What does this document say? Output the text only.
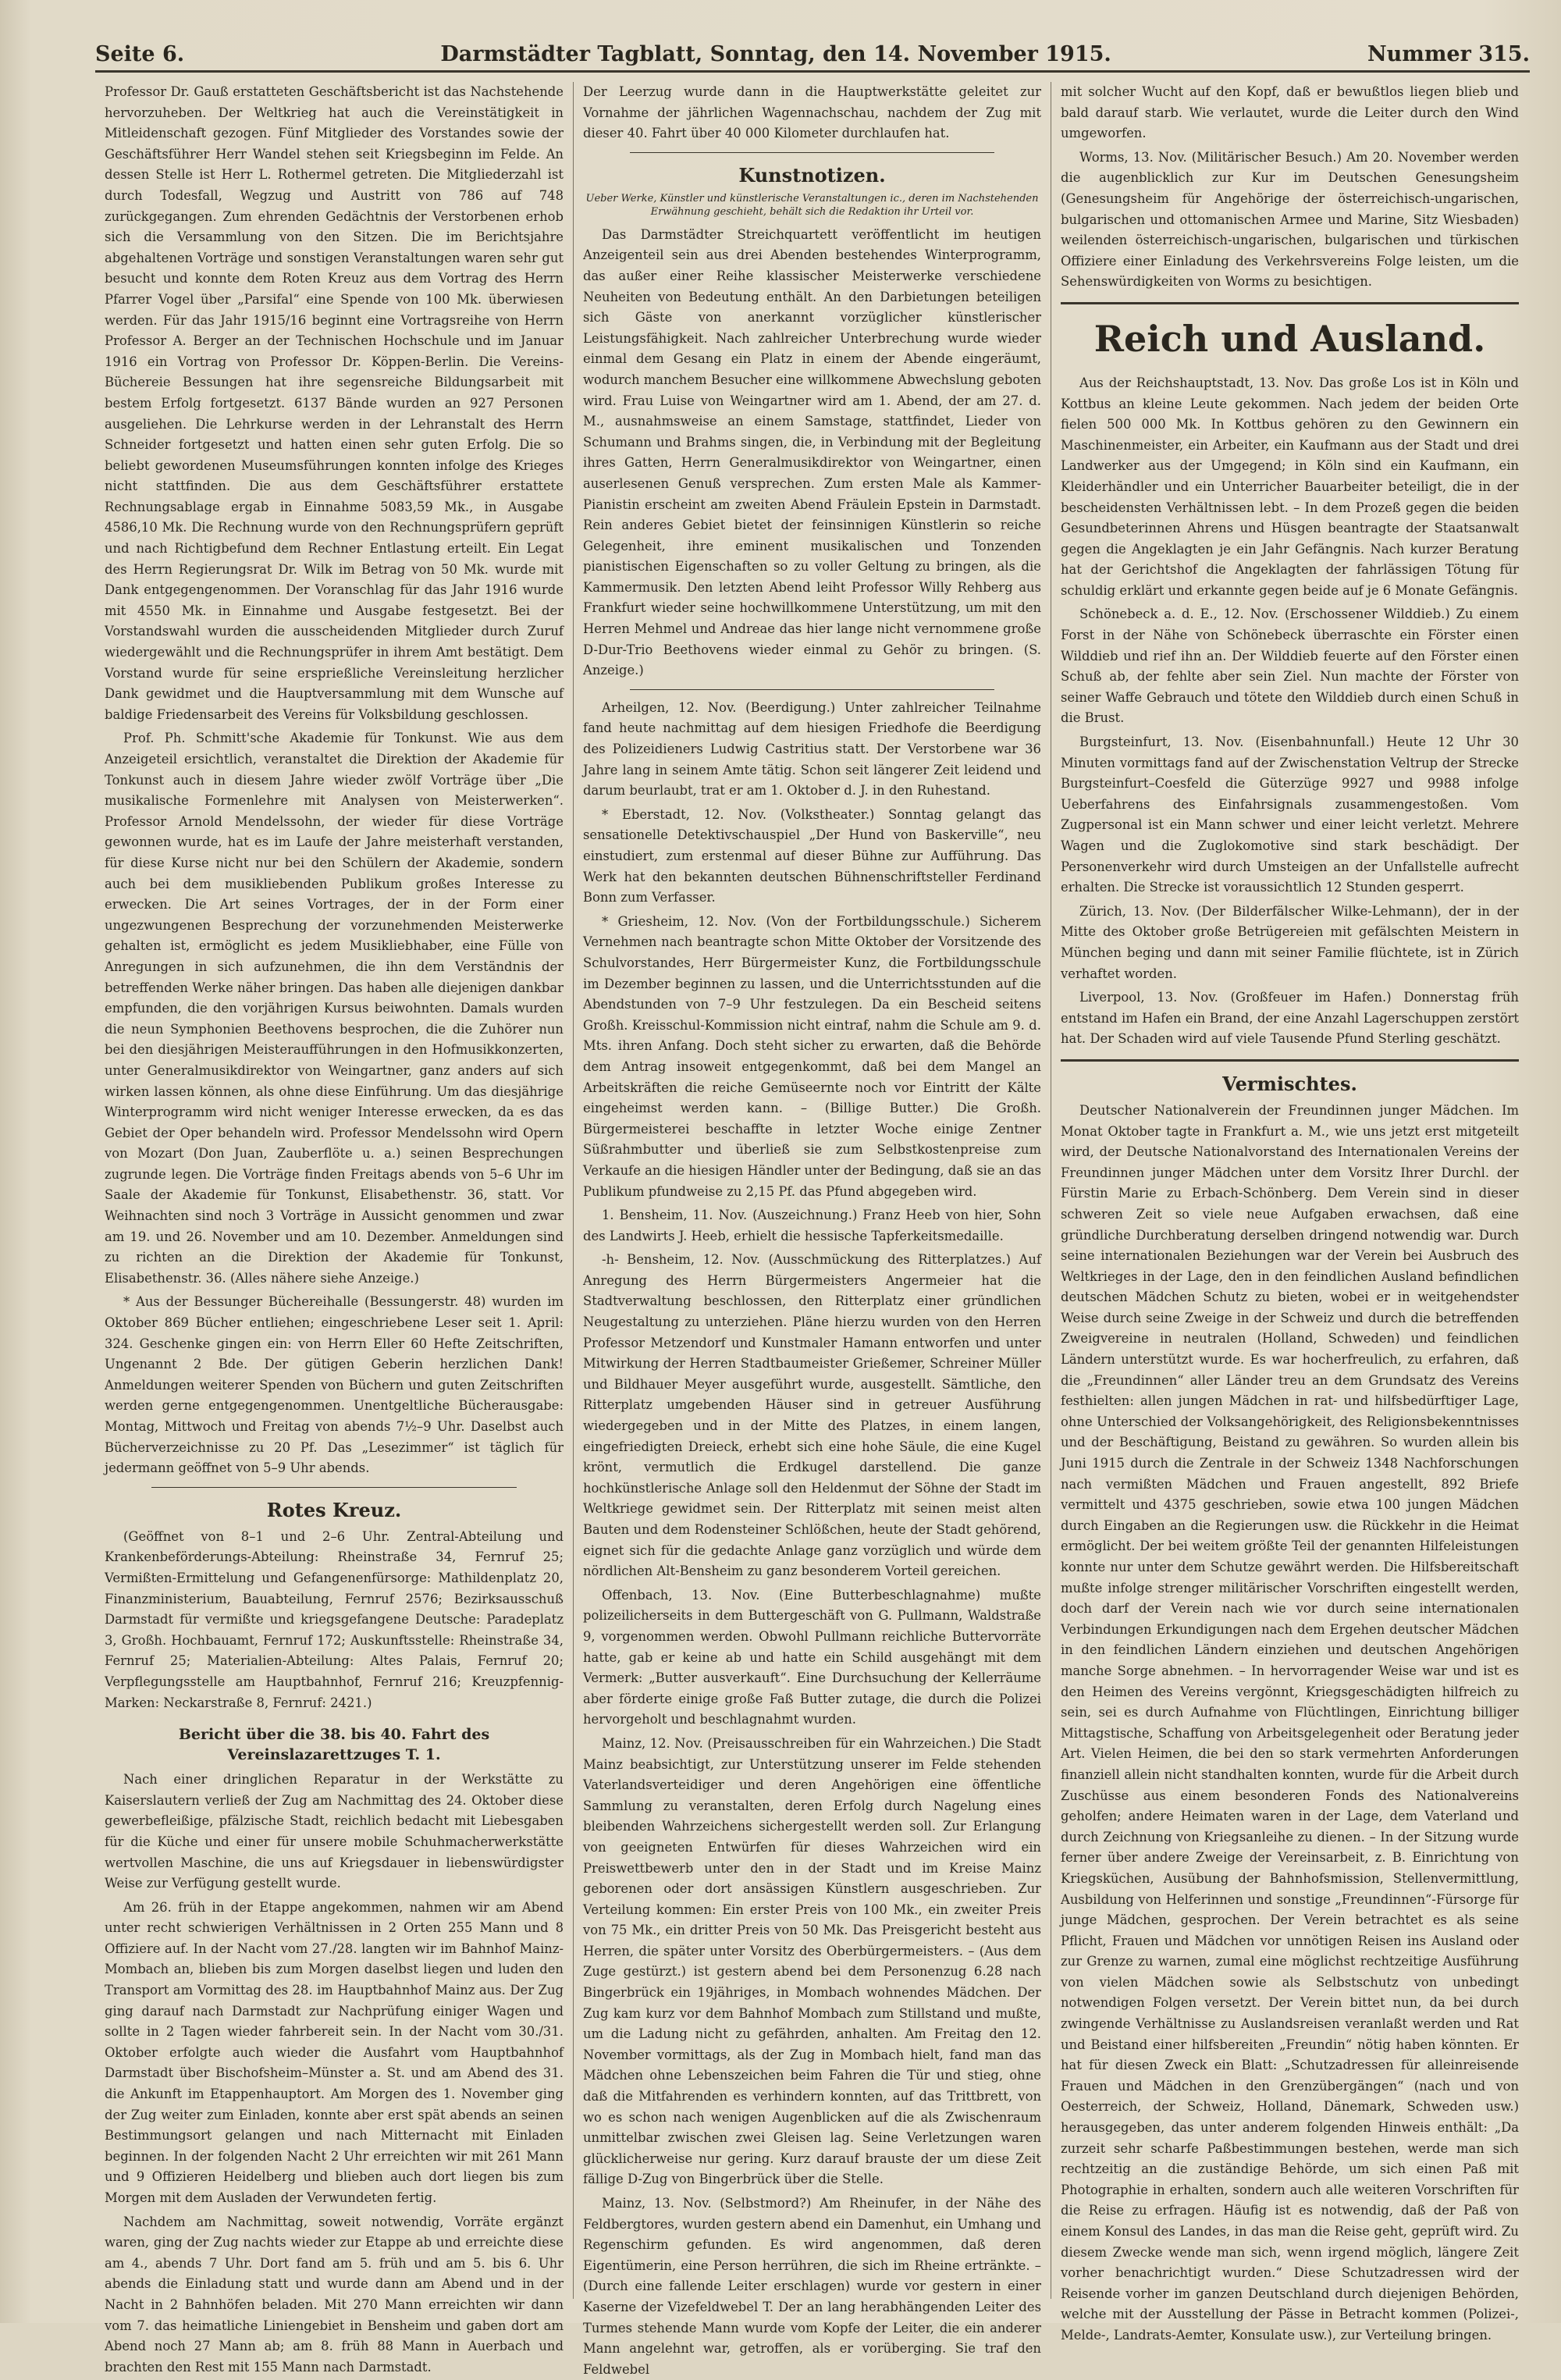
Seite 6.	Darmstädter Tagblatt, Sonntag, den 14. November 1915.	Nummer 315.

Professor Dr. Gauß erstatteten Geschäftsbericht ist das Nachstehende hervorzuheben. Der Weltkrieg hat auch die Vereinstätigkeit in Mitleidenschaft gezogen. Fünf Mitglieder des Vorstandes sowie der Geschäftsführer Herr Wandel stehen seit Kriegsbeginn im Felde. An dessen Stelle ist Herr L. Rothermel getreten. Die Mitgliederzahl ist durch Todesfall, Wegzug und Austritt von 786 auf 748 zurückgegangen. Zum ehrenden Gedächtnis der Verstorbenen erhob sich die Versammlung von den Sitzen. Die im Berichtsjahre abgehaltenen Vorträge und sonstigen Veranstaltungen waren sehr gut besucht und konnte dem Roten Kreuz aus dem Vortrag des Herrn Pfarrer Vogel über „Parsifal“ eine Spende von 100 Mk. überwiesen werden. Für das Jahr 1915/16 beginnt eine Vortragsreihe von Herrn Professor A. Berger an der Technischen Hochschule und im Januar 1916 ein Vortrag von Professor Dr. Köppen-Berlin. Die Vereins-Büchereie Bessungen hat ihre segensreiche Bildungsarbeit mit bestem Erfolg fortgesetzt. 6137 Bände wurden an 927 Personen ausgeliehen. Die Lehrkurse werden in der Lehranstalt des Herrn Schneider fortgesetzt und hatten einen sehr guten Erfolg. Die so beliebt gewordenen Museumsführungen konnten infolge des Krieges nicht stattfinden. Die aus dem Geschäftsführer erstattete Rechnungsablage ergab in Einnahme 5083,59 Mk., in Ausgabe 4586,10 Mk. Die Rechnung wurde von den Rechnungsprüfern geprüft und nach Richtigbefund dem Rechner Entlastung erteilt. Ein Legat des Herrn Regierungsrat Dr. Wilk im Betrag von 50 Mk. wurde mit Dank entgegengenommen. Der Voranschlag für das Jahr 1916 wurde mit 4550 Mk. in Einnahme und Ausgabe festgesetzt. Bei der Vorstandswahl wurden die ausscheidenden Mitglieder durch Zuruf wiedergewählt und die Rechnungsprüfer in ihrem Amt bestätigt. Dem Vorstand wurde für seine ersprießliche Vereinsleitung herzlicher Dank gewidmet und die Hauptversammlung mit dem Wunsche auf baldige Friedensarbeit des Vereins für Volksbildung geschlossen.

Prof. Ph. Schmitt'sche Akademie für Tonkunst. Wie aus dem Anzeigeteil ersichtlich, veranstaltet die Direktion der Akademie für Tonkunst auch in diesem Jahre wieder zwölf Vorträge über „Die musikalische Formenlehre mit Analysen von Meisterwerken“. Professor Arnold Mendelssohn, der wieder für diese Vorträge gewonnen wurde, hat es im Laufe der Jahre meisterhaft verstanden, für diese Kurse nicht nur bei den Schülern der Akademie, sondern auch bei dem musikliebenden Publikum großes Interesse zu erwecken. Die Art seines Vortrages, der in der Form einer ungezwungenen Besprechung der vorzunehmenden Meisterwerke gehalten ist, ermöglicht es jedem Musikliebhaber, eine Fülle von Anregungen in sich aufzunehmen, die ihn dem Verständnis der betreffenden Werke näher bringen. Das haben alle diejenigen dankbar empfunden, die den vorjährigen Kursus beiwohnten. Damals wurden die neun Symphonien Beethovens besprochen, die die Zuhörer nun bei den diesjährigen Meisteraufführungen in den Hofmusikkonzerten, unter Generalmusikdirektor von Weingartner, ganz anders auf sich wirken lassen können, als ohne diese Einführung. Um das diesjährige Winterprogramm wird nicht weniger Interesse erwecken, da es das Gebiet der Oper behandeln wird. Professor Mendelssohn wird Opern von Mozart (Don Juan, Zauberflöte u. a.) seinen Besprechungen zugrunde legen. Die Vorträge finden Freitags abends von 5–6 Uhr im Saale der Akademie für Tonkunst, Elisabethenstr. 36, statt. Vor Weihnachten sind noch 3 Vorträge in Aussicht genommen und zwar am 19. und 26. November und am 10. Dezember. Anmeldungen sind zu richten an die Direktion der Akademie für Tonkunst, Elisabethenstr. 36. (Alles nähere siehe Anzeige.)

* Aus der Bessunger Büchereihalle (Bessungerstr. 48) wurden im Oktober 869 Bücher entliehen; eingeschriebene Leser seit 1. April: 324. Geschenke gingen ein: von Herrn Eller 60 Hefte Zeitschriften, Ungenannt 2 Bde. Der gütigen Geberin herzlichen Dank! Anmeldungen weiterer Spenden von Büchern und guten Zeitschriften werden gerne entgegengenommen. Unentgeltliche Bücherausgabe: Montag, Mittwoch und Freitag von abends 7½–9 Uhr. Daselbst auch Bücherverzeichnisse zu 20 Pf. Das „Lesezimmer“ ist täglich für jedermann geöffnet von 5–9 Uhr abends.

Rotes Kreuz.

(Geöffnet von 8–1 und 2–6 Uhr. Zentral-Abteilung und Krankenbeförderungs-Abteilung: Rheinstraße 34, Fernruf 25; Vermißten-Ermittelung und Gefangenenfürsorge: Mathildenplatz 20, Finanzministerium, Bauabteilung, Fernruf 2576; Bezirksausschuß Darmstadt für vermißte und kriegsgefangene Deutsche: Paradeplatz 3, Großh. Hochbauamt, Fernruf 172; Auskunftsstelle: Rheinstraße 34, Fernruf 25; Materialien-Abteilung: Altes Palais, Fernruf 20; Verpflegungsstelle am Hauptbahnhof, Fernruf 216; Kreuzpfennig-Marken: Neckarstraße 8, Fernruf: 2421.)

Bericht über die 38. bis 40. Fahrt des Vereinslazarettzuges T. 1.

Nach einer dringlichen Reparatur in der Werkstätte zu Kaiserslautern verließ der Zug am Nachmittag des 24. Oktober diese gewerbefleißige, pfälzische Stadt, reichlich bedacht mit Liebesgaben für die Küche und einer für unsere mobile Schuhmacherwerkstätte wertvollen Maschine, die uns auf Kriegsdauer in liebenswürdigster Weise zur Verfügung gestellt wurde.

Am 26. früh in der Etappe angekommen, nahmen wir am Abend unter recht schwierigen Verhältnissen in 2 Orten 255 Mann und 8 Offiziere auf. In der Nacht vom 27./28. langten wir im Bahnhof Mainz-Mombach an, blieben bis zum Morgen daselbst liegen und luden den Transport am Vormittag des 28. im Hauptbahnhof Mainz aus. Der Zug ging darauf nach Darmstadt zur Nachprüfung einiger Wagen und sollte in 2 Tagen wieder fahrbereit sein. In der Nacht vom 30./31. Oktober erfolgte auch wieder die Ausfahrt vom Hauptbahnhof Darmstadt über Bischofsheim–Münster a. St. und am Abend des 31. die Ankunft im Etappenhauptort. Am Morgen des 1. November ging der Zug weiter zum Einladen, konnte aber erst spät abends an seinen Bestimmungsort gelangen und nach Mitternacht mit Einladen beginnen. In der folgenden Nacht 2 Uhr erreichten wir mit 261 Mann und 9 Offizieren Heidelberg und blieben auch dort liegen bis zum Morgen mit dem Ausladen der Verwundeten fertig.

Nachdem am Nachmittag, soweit notwendig, Vorräte ergänzt waren, ging der Zug nachts wieder zur Etappe ab und erreichte diese am 4., abends 7 Uhr. Dort fand am 5. früh und am 5. bis 6. Uhr abends die Einladung statt und wurde dann am Abend und in der Nacht in 2 Bahnhöfen beladen. Mit 270 Mann erreichten wir dann vom 7. das heimatliche Liniengebiet in Bensheim und gaben dort am Abend noch 27 Mann ab; am 8. früh 88 Mann in Auerbach und brachten den Rest mit 155 Mann nach Darmstadt.

Der Leerzug wurde dann in die Hauptwerkstätte geleitet zur Vornahme der jährlichen Wagennachschau, nachdem der Zug mit dieser 40. Fahrt über 40 000 Kilometer durchlaufen hat.

Kunstnotizen.

Ueber Werke, Künstler und künstlerische Veranstaltungen ic., deren im Nachstehenden Erwähnung geschieht, behält sich die Redaktion ihr Urteil vor.

Das Darmstädter Streichquartett veröffentlicht im heutigen Anzeigenteil sein aus drei Abenden bestehendes Winterprogramm, das außer einer Reihe klassischer Meisterwerke verschiedene Neuheiten von Bedeutung enthält. An den Darbietungen beteiligen sich Gäste von anerkannt vorzüglicher künstlerischer Leistungsfähigkeit. Nach zahlreicher Unterbrechung wurde wieder einmal dem Gesang ein Platz in einem der Abende eingeräumt, wodurch manchem Besucher eine willkommene Abwechslung geboten wird. Frau Luise von Weingartner wird am 1. Abend, der am 27. d. M., ausnahmsweise an einem Samstage, stattfindet, Lieder von Schumann und Brahms singen, die, in Verbindung mit der Begleitung ihres Gatten, Herrn Generalmusikdirektor von Weingartner, einen auserlesenen Genuß versprechen. Zum ersten Male als Kammer-Pianistin erscheint am zweiten Abend Fräulein Epstein in Darmstadt. Rein anderes Gebiet bietet der feinsinnigen Künstlerin so reiche Gelegenheit, ihre eminent musikalischen und Tonzenden pianistischen Eigenschaften so zu voller Geltung zu bringen, als die Kammermusik. Den letzten Abend leiht Professor Willy Rehberg aus Frankfurt wieder seine hochwillkommene Unterstützung, um mit den Herren Mehmel und Andreae das hier lange nicht vernommene große D-Dur-Trio Beethovens wieder einmal zu Gehör zu bringen. (S. Anzeige.)

Arheilgen, 12. Nov. (Beerdigung.) Unter zahlreicher Teilnahme fand heute nachmittag auf dem hiesigen Friedhofe die Beerdigung des Polizeidieners Ludwig Castritius statt. Der Verstorbene war 36 Jahre lang in seinem Amte tätig. Schon seit längerer Zeit leidend und darum beurlaubt, trat er am 1. Oktober d. J. in den Ruhestand.

* Eberstadt, 12. Nov. (Volkstheater.) Sonntag gelangt das sensationelle Detektivschauspiel „Der Hund von Baskerville“, neu einstudiert, zum erstenmal auf dieser Bühne zur Aufführung. Das Werk hat den bekannten deutschen Bühnenschriftsteller Ferdinand Bonn zum Verfasser.

* Griesheim, 12. Nov. (Von der Fortbildungsschule.) Sicherem Vernehmen nach beantragte schon Mitte Oktober der Vorsitzende des Schulvorstandes, Herr Bürgermeister Kunz, die Fortbildungsschule im Dezember beginnen zu lassen, und die Unterrichtsstunden auf die Abendstunden von 7–9 Uhr festzulegen. Da ein Bescheid seitens Großh. Kreisschul-Kommission nicht eintraf, nahm die Schule am 9. d. Mts. ihren Anfang. Doch steht sicher zu erwarten, daß die Behörde dem Antrag insoweit entgegenkommt, daß bei dem Mangel an Arbeitskräften die reiche Gemüseernte noch vor Eintritt der Kälte eingeheimst werden kann. – (Billige Butter.) Die Großh. Bürgermeisterei beschaffte in letzter Woche einige Zentner Süßrahmbutter und überließ sie zum Selbstkostenpreise zum Verkaufe an die hiesigen Händler unter der Bedingung, daß sie an das Publikum pfundweise zu 2,15 Pf. das Pfund abgegeben wird.

1. Bensheim, 11. Nov. (Auszeichnung.) Franz Heeb von hier, Sohn des Landwirts J. Heeb, erhielt die hessische Tapferkeitsmedaille.

-h- Bensheim, 12. Nov. (Ausschmückung des Ritterplatzes.) Auf Anregung des Herrn Bürgermeisters Angermeier hat die Stadtverwaltung beschlossen, den Ritterplatz einer gründlichen Neugestaltung zu unterziehen. Pläne hierzu wurden von den Herren Professor Metzendorf und Kunstmaler Hamann entworfen und unter Mitwirkung der Herren Stadtbaumeister Grießemer, Schreiner Müller und Bildhauer Meyer ausgeführt wurde, ausgestellt. Sämtliche, den Ritterplatz umgebenden Häuser sind in getreuer Ausführung wiedergegeben und in der Mitte des Platzes, in einem langen, eingefriedigten Dreieck, erhebt sich eine hohe Säule, die eine Kugel krönt, vermutlich die Erdkugel darstellend. Die ganze hochkünstlerische Anlage soll den Heldenmut der Söhne der Stadt im Weltkriege gewidmet sein. Der Ritterplatz mit seinen meist alten Bauten und dem Rodensteiner Schlößchen, heute der Stadt gehörend, eignet sich für die gedachte Anlage ganz vorzüglich und würde dem nördlichen Alt-Bensheim zu ganz besonderem Vorteil gereichen.

Offenbach, 13. Nov. (Eine Butterbeschlagnahme) mußte polizeilicherseits in dem Buttergeschäft von G. Pullmann, Waldstraße 9, vorgenommen werden. Obwohl Pullmann reichliche Buttervorräte hatte, gab er keine ab und hatte ein Schild ausgehängt mit dem Vermerk: „Butter ausverkauft“. Eine Durchsuchung der Kellerräume aber förderte einige große Faß Butter zutage, die durch die Polizei hervorgeholt und beschlagnahmt wurden.

Mainz, 12. Nov. (Preisausschreiben für ein Wahrzeichen.) Die Stadt Mainz beabsichtigt, zur Unterstützung unserer im Felde stehenden Vaterlandsverteidiger und deren Angehörigen eine öffentliche Sammlung zu veranstalten, deren Erfolg durch Nagelung eines bleibenden Wahrzeichens sichergestellt werden soll. Zur Erlangung von geeigneten Entwürfen für dieses Wahrzeichen wird ein Preiswettbewerb unter den in der Stadt und im Kreise Mainz geborenen oder dort ansässigen Künstlern ausgeschrieben. Zur Verteilung kommen: Ein erster Preis von 100 Mk., ein zweiter Preis von 75 Mk., ein dritter Preis von 50 Mk. Das Preisgericht besteht aus Herren, die später unter Vorsitz des Oberbürgermeisters. – (Aus dem Zuge gestürzt.) ist gestern abend bei dem Personenzug 6.28 nach Bingerbrück ein 19jähriges, in Mombach wohnendes Mädchen. Der Zug kam kurz vor dem Bahnhof Mombach zum Stillstand und mußte, um die Ladung nicht zu gefährden, anhalten. Am Freitag den 12. November vormittags, als der Zug in Mombach hielt, fand man das Mädchen ohne Lebenszeichen beim Fahren die Tür und stieg, ohne daß die Mitfahrenden es verhindern konnten, auf das Trittbrett, von wo es schon nach wenigen Augenblicken auf die als Zwischenraum unmittelbar zwischen zwei Gleisen lag. Seine Verletzungen waren glücklicherweise nur gering. Kurz darauf brauste der um diese Zeit fällige D-Zug von Bingerbrück über die Stelle.

Mainz, 13. Nov. (Selbstmord?) Am Rheinufer, in der Nähe des Feldbergtores, wurden gestern abend ein Damenhut, ein Umhang und Regenschirm gefunden. Es wird angenommen, daß deren Eigentümerin, eine Person herrühren, die sich im Rheine ertränkte. – (Durch eine fallende Leiter erschlagen) wurde vor gestern in einer Kaserne der Vizefeldwebel T. Der an lang herabhängenden Leiter des Turmes stehende Mann wurde vom Kopfe der Leiter, die ein anderer Mann angelehnt war, getroffen, als er vorüberging. Sie traf den Feldwebel

mit solcher Wucht auf den Kopf, daß er bewußtlos liegen blieb und bald darauf starb. Wie verlautet, wurde die Leiter durch den Wind umgeworfen.

Worms, 13. Nov. (Militärischer Besuch.) Am 20. November werden die augenblicklich zur Kur im Deutschen Genesungsheim (Genesungsheim für Angehörige der österreichisch-ungarischen, bulgarischen und ottomanischen Armee und Marine, Sitz Wiesbaden) weilenden österreichisch-ungarischen, bulgarischen und türkischen Offiziere einer Einladung des Verkehrsvereins Folge leisten, um die Sehenswürdigkeiten von Worms zu besichtigen.

Reich und Ausland.

Aus der Reichshauptstadt, 13. Nov. Das große Los ist in Köln und Kottbus an kleine Leute gekommen. Nach jedem der beiden Orte fielen 500 000 Mk. In Kottbus gehören zu den Gewinnern ein Maschinenmeister, ein Arbeiter, ein Kaufmann aus der Stadt und drei Landwerker aus der Umgegend; in Köln sind ein Kaufmann, ein Kleiderhändler und ein Unterricher Bauarbeiter beteiligt, die in der bescheidensten Verhältnissen lebt. – In dem Prozeß gegen die beiden Gesundbeterinnen Ahrens und Hüsgen beantragte der Staatsanwalt gegen die Angeklagten je ein Jahr Gefängnis. Nach kurzer Beratung hat der Gerichtshof die Angeklagten der fahrlässigen Tötung für schuldig erklärt und erkannte gegen beide auf je 6 Monate Gefängnis.

Schönebeck a. d. E., 12. Nov. (Erschossener Wilddieb.) Zu einem Forst in der Nähe von Schönebeck überraschte ein Förster einen Wilddieb und rief ihn an. Der Wilddieb feuerte auf den Förster einen Schuß ab, der fehlte aber sein Ziel. Nun machte der Förster von seiner Waffe Gebrauch und tötete den Wilddieb durch einen Schuß in die Brust.

Burgsteinfurt, 13. Nov. (Eisenbahnunfall.) Heute 12 Uhr 30 Minuten vormittags fand auf der Zwischenstation Veltrup der Strecke Burgsteinfurt–Coesfeld die Güterzüge 9927 und 9988 infolge Ueberfahrens des Einfahrsignals zusammengestoßen. Vom Zugpersonal ist ein Mann schwer und einer leicht verletzt. Mehrere Wagen und die Zuglokomotive sind stark beschädigt. Der Personenverkehr wird durch Umsteigen an der Unfallstelle aufrecht erhalten. Die Strecke ist voraussichtlich 12 Stunden gesperrt.

Zürich, 13. Nov. (Der Bilderfälscher Wilke-Lehmann), der in der Mitte des Oktober große Betrügereien mit gefälschten Meistern in München beging und dann mit seiner Familie flüchtete, ist in Zürich verhaftet worden.

Liverpool, 13. Nov. (Großfeuer im Hafen.) Donnerstag früh entstand im Hafen ein Brand, der eine Anzahl Lagerschuppen zerstört hat. Der Schaden wird auf viele Tausende Pfund Sterling geschätzt.

Vermischtes.

Deutscher Nationalverein der Freundinnen junger Mädchen. Im Monat Oktober tagte in Frankfurt a. M., wie uns jetzt erst mitgeteilt wird, der Deutsche Nationalvorstand des Internationalen Vereins der Freundinnen junger Mädchen unter dem Vorsitz Ihrer Durchl. der Fürstin Marie zu Erbach-Schönberg. Dem Verein sind in dieser schweren Zeit so viele neue Aufgaben erwachsen, daß eine gründliche Durchberatung derselben dringend notwendig war. Durch seine internationalen Beziehungen war der Verein bei Ausbruch des Weltkrieges in der Lage, den in den feindlichen Ausland befindlichen deutschen Mädchen Schutz zu bieten, wobei er in weitgehendster Weise durch seine Zweige in der Schweiz und durch die betreffenden Zweigvereine in neutralen (Holland, Schweden) und feindlichen Ländern unterstützt wurde. Es war hocherfreulich, zu erfahren, daß die „Freundinnen“ aller Länder treu an dem Grundsatz des Vereins festhielten: allen jungen Mädchen in rat- und hilfsbedürftiger Lage, ohne Unterschied der Volksangehörigkeit, des Religionsbekenntnisses und der Beschäftigung, Beistand zu gewähren. So wurden allein bis Juni 1915 durch die Zentrale in der Schweiz 1348 Nachforschungen nach vermißten Mädchen und Frauen angestellt, 892 Briefe vermittelt und 4375 geschrieben, sowie etwa 100 jungen Mädchen durch Eingaben an die Regierungen usw. die Rückkehr in die Heimat ermöglicht. Der bei weitem größte Teil der genannten Hilfeleistungen konnte nur unter dem Schutze gewährt werden. Die Hilfsbereitschaft mußte infolge strenger militärischer Vorschriften eingestellt werden, doch darf der Verein nach wie vor durch seine internationalen Verbindungen Erkundigungen nach dem Ergehen deutscher Mädchen in den feindlichen Ländern einziehen und deutschen Angehörigen manche Sorge abnehmen. – In hervorragender Weise war und ist es den Heimen des Vereins vergönnt, Kriegsgeschädigten hilfreich zu sein, sei es durch Aufnahme von Flüchtlingen, Einrichtung billiger Mittagstische, Schaffung von Arbeitsgelegenheit oder Beratung jeder Art. Vielen Heimen, die bei den so stark vermehrten Anforderungen finanziell allein nicht standhalten konnten, wurde für die Arbeit durch Zuschüsse aus einem besonderen Fonds des Nationalvereins geholfen; andere Heimaten waren in der Lage, dem Vaterland und durch Zeichnung von Kriegsanleihe zu dienen. – In der Sitzung wurde ferner über andere Zweige der Vereinsarbeit, z. B. Einrichtung von Kriegsküchen, Ausübung der Bahnhofsmission, Stellenvermittlung, Ausbildung von Helferinnen und sonstige „Freundinnen“-Fürsorge für junge Mädchen, gesprochen. Der Verein betrachtet es als seine Pflicht, Frauen und Mädchen vor unnötigen Reisen ins Ausland oder zur Grenze zu warnen, zumal eine möglichst rechtzeitige Ausführung von vielen Mädchen sowie als Selbstschutz von unbedingt notwendigen Folgen versetzt. Der Verein bittet nun, da bei durch zwingende Verhältnisse zu Auslandsreisen veranlaßt werden und Rat und Beistand einer hilfsbereiten „Freundin“ nötig haben könnten. Er hat für diesen Zweck ein Blatt: „Schutzadressen für alleinreisende Frauen und Mädchen in den Grenzübergängen“ (nach und von Oesterreich, der Schweiz, Holland, Dänemark, Schweden usw.) herausgegeben, das unter anderem folgenden Hinweis enthält: „Da zurzeit sehr scharfe Paßbestimmungen bestehen, werde man sich rechtzeitig an die zuständige Behörde, um sich einen Paß mit Photographie in erhalten, sondern auch alle weiteren Vorschriften für die Reise zu erfragen. Häufig ist es notwendig, daß der Paß von einem Konsul des Landes, in das man die Reise geht, geprüft wird. Zu diesem Zwecke wende man sich, wenn irgend möglich, längere Zeit vorher benachrichtigt wurden.“ Diese Schutzadressen wird der Reisende vorher im ganzen Deutschland durch diejenigen Behörden, welche mit der Ausstellung der Pässe in Betracht kommen (Polizei-, Melde-, Landrats-Aemter, Konsulate usw.), zur Verteilung bringen.
